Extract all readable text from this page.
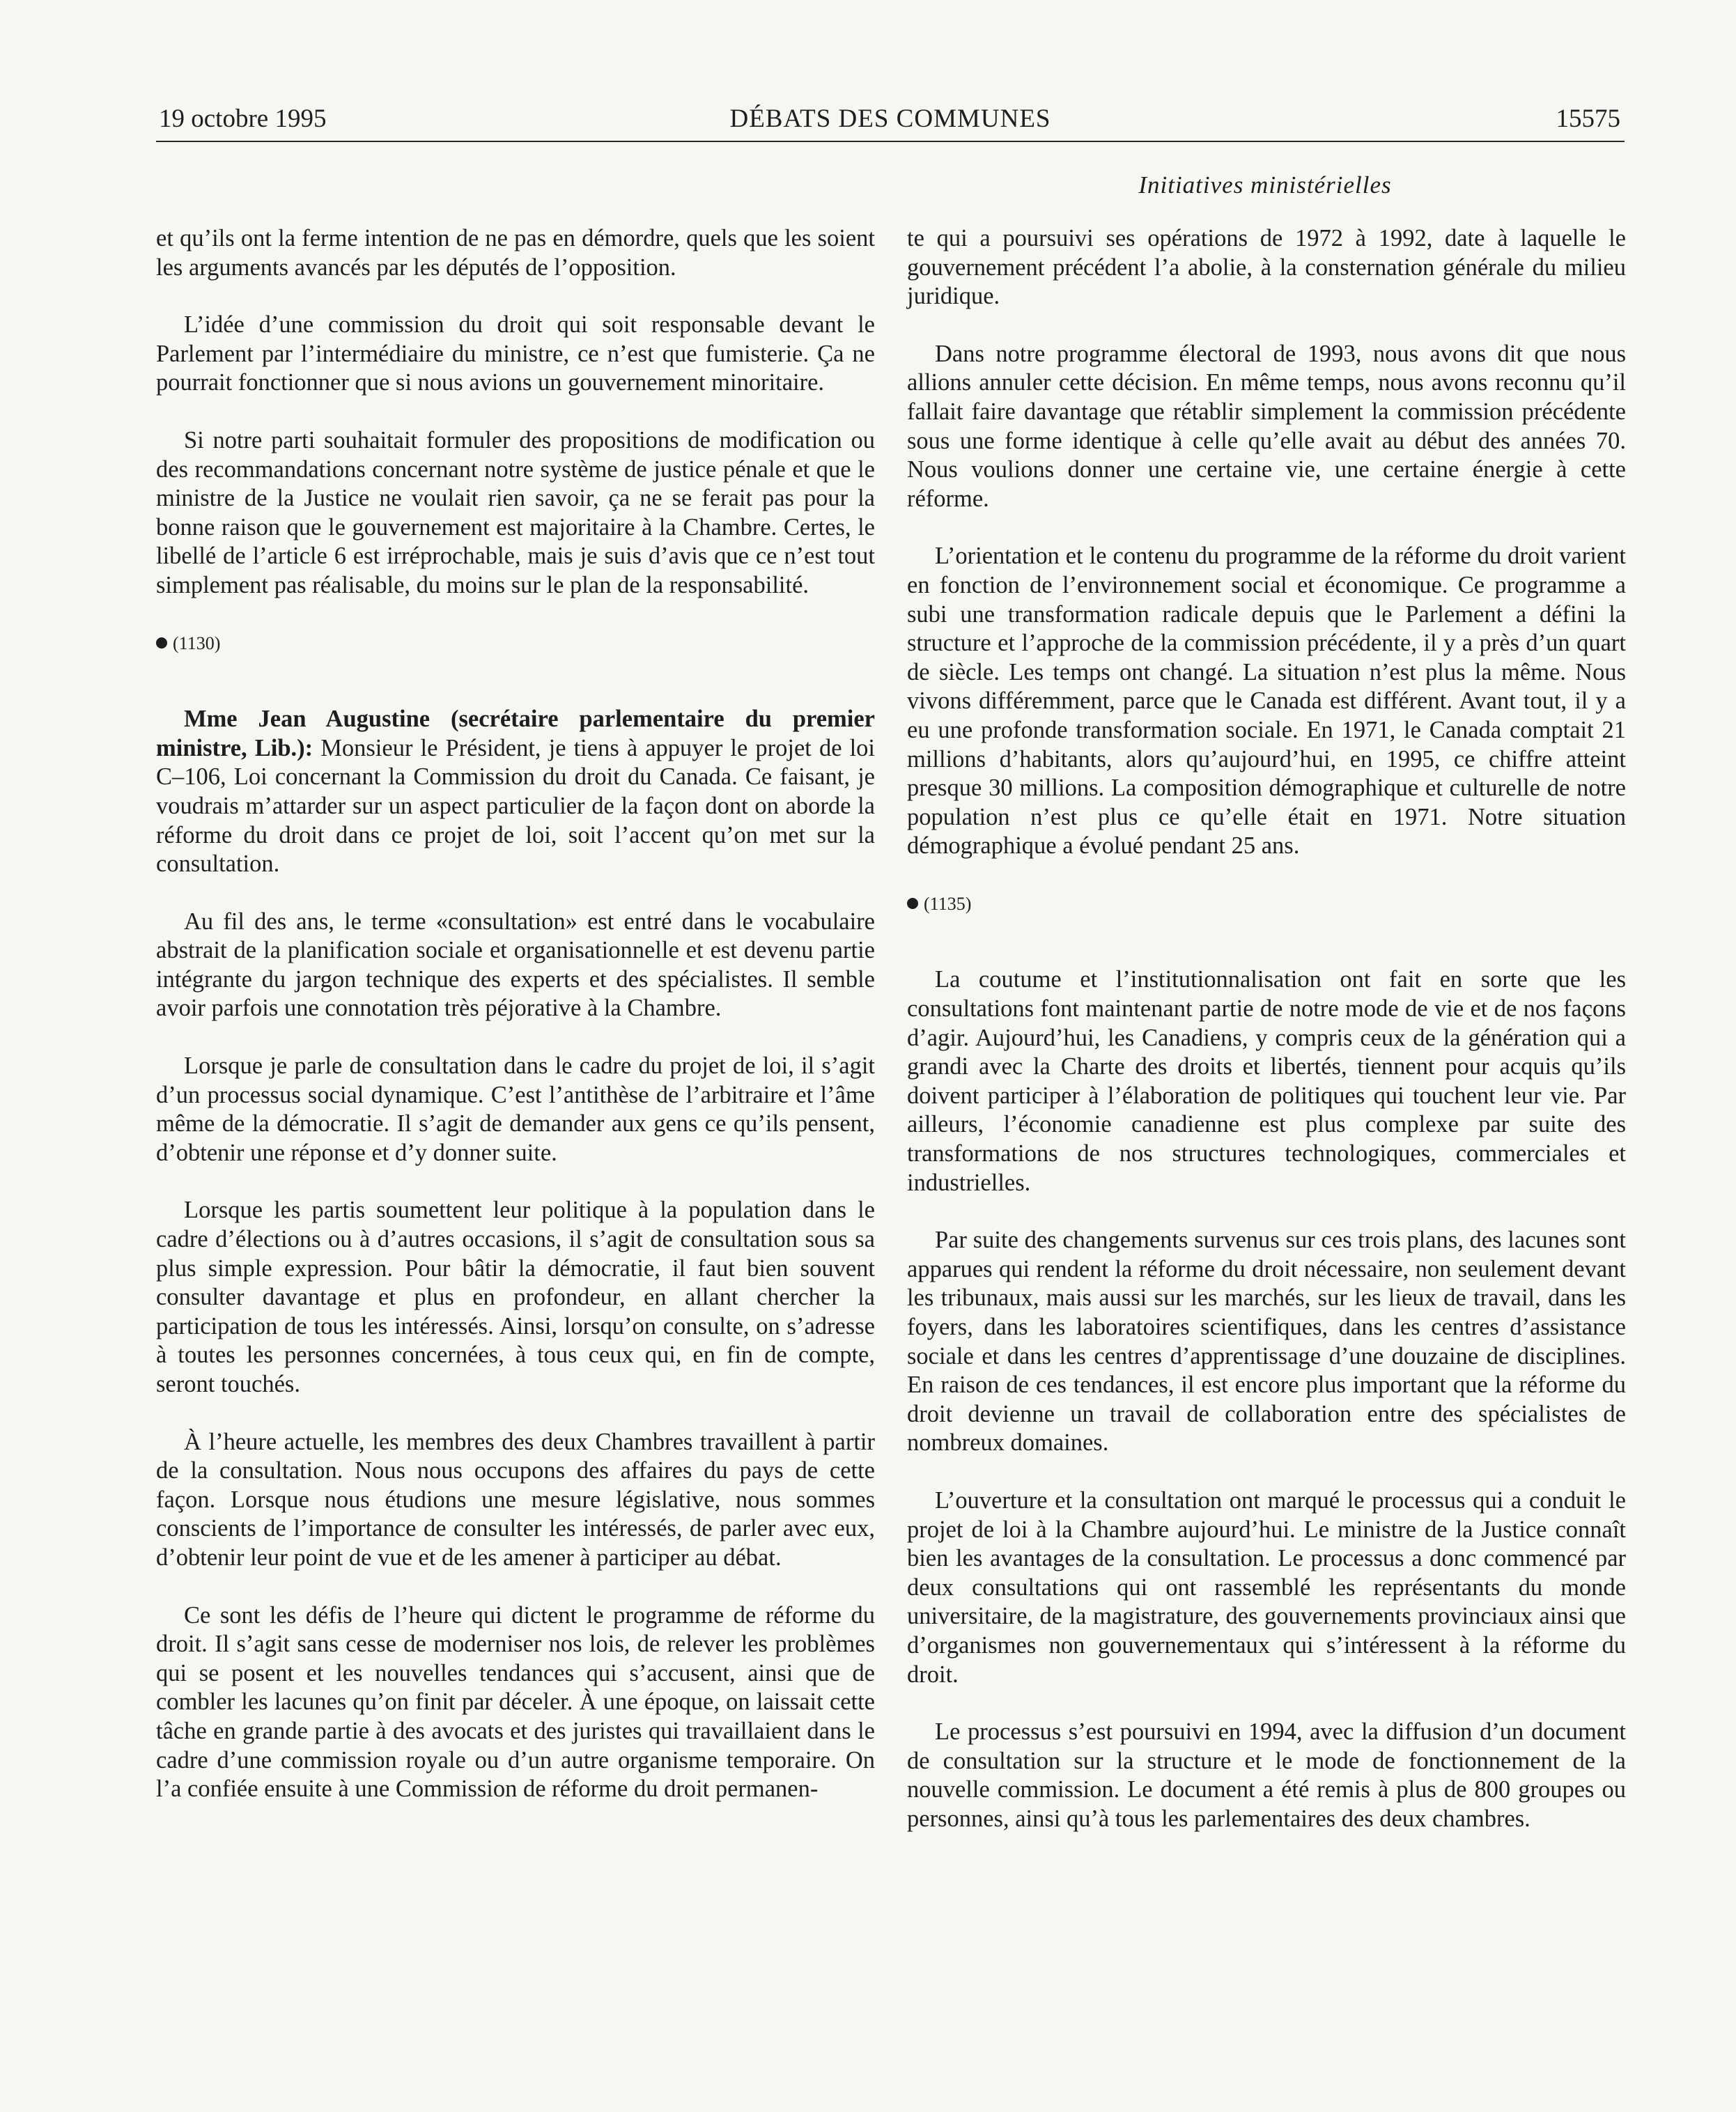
19 octobre 1995	DÉBATS DES COMMUNES	15575
Initiatives ministérielles

et qu’ils ont la ferme intention de ne pas en démordre, quels que les soient les arguments avancés par les députés de l’opposition.

L’idée d’une commission du droit qui soit responsable devant le Parlement par l’intermédiaire du ministre, ce n’est que fumisterie. Ça ne pourrait fonctionner que si nous avions un gouvernement minoritaire.

Si notre parti souhaitait formuler des propositions de modification ou des recommandations concernant notre système de justice pénale et que le ministre de la Justice ne voulait rien savoir, ça ne se ferait pas pour la bonne raison que le gouvernement est majoritaire à la Chambre. Certes, le libellé de l’article 6 est irréprochable, mais je suis d’avis que ce n’est tout simplement pas réalisable, du moins sur le plan de la responsabilité.

(1130)

Mme Jean Augustine (secrétaire parlementaire du premier ministre, Lib.): Monsieur le Président, je tiens à appuyer le projet de loi C–106, Loi concernant la Commission du droit du Canada. Ce faisant, je voudrais m’attarder sur un aspect particulier de la façon dont on aborde la réforme du droit dans ce projet de loi, soit l’accent qu’on met sur la consultation.

Au fil des ans, le terme «consultation» est entré dans le vocabulaire abstrait de la planification sociale et organisationnelle et est devenu partie intégrante du jargon technique des experts et des spécialistes. Il semble avoir parfois une connotation très péjorative à la Chambre.

Lorsque je parle de consultation dans le cadre du projet de loi, il s’agit d’un processus social dynamique. C’est l’antithèse de l’arbitraire et l’âme même de la démocratie. Il s’agit de demander aux gens ce qu’ils pensent, d’obtenir une réponse et d’y donner suite.

Lorsque les partis soumettent leur politique à la population dans le cadre d’élections ou à d’autres occasions, il s’agit de consultation sous sa plus simple expression. Pour bâtir la démocratie, il faut bien souvent consulter davantage et plus en profondeur, en allant chercher la participation de tous les intéressés. Ainsi, lorsqu’on consulte, on s’adresse à toutes les personnes concernées, à tous ceux qui, en fin de compte, seront touchés.

À l’heure actuelle, les membres des deux Chambres travaillent à partir de la consultation. Nous nous occupons des affaires du pays de cette façon. Lorsque nous étudions une mesure législative, nous sommes conscients de l’importance de consulter les intéressés, de parler avec eux, d’obtenir leur point de vue et de les amener à participer au débat.

Ce sont les défis de l’heure qui dictent le programme de réforme du droit. Il s’agit sans cesse de moderniser nos lois, de relever les problèmes qui se posent et les nouvelles tendances qui s’accusent, ainsi que de combler les lacunes qu’on finit par déceler. À une époque, on laissait cette tâche en grande partie à des avocats et des juristes qui travaillaient dans le cadre d’une commission royale ou d’un autre organisme temporaire. On l’a confiée ensuite à une Commission de réforme du droit permanen-

te qui a poursuivi ses opérations de 1972 à 1992, date à laquelle le gouvernement précédent l’a abolie, à la consternation générale du milieu juridique.

Dans notre programme électoral de 1993, nous avons dit que nous allions annuler cette décision. En même temps, nous avons reconnu qu’il fallait faire davantage que rétablir simplement la commission précédente sous une forme identique à celle qu’elle avait au début des années 70. Nous voulions donner une certaine vie, une certaine énergie à cette réforme.

L’orientation et le contenu du programme de la réforme du droit varient en fonction de l’environnement social et économique. Ce programme a subi une transformation radicale depuis que le Parlement a défini la structure et l’approche de la commission précédente, il y a près d’un quart de siècle. Les temps ont changé. La situation n’est plus la même. Nous vivons différemment, parce que le Canada est différent. Avant tout, il y a eu une profonde transformation sociale. En 1971, le Canada comptait 21 millions d’habitants, alors qu’aujourd’hui, en 1995, ce chiffre atteint presque 30 millions. La composition démographique et culturelle de notre population n’est plus ce qu’elle était en 1971. Notre situation démographique a évolué pendant 25 ans.

(1135)

La coutume et l’institutionnalisation ont fait en sorte que les consultations font maintenant partie de notre mode de vie et de nos façons d’agir. Aujourd’hui, les Canadiens, y compris ceux de la génération qui a grandi avec la Charte des droits et libertés, tiennent pour acquis qu’ils doivent participer à l’élaboration de politiques qui touchent leur vie. Par ailleurs, l’économie canadienne est plus complexe par suite des transformations de nos structures technologiques, commerciales et industrielles.

Par suite des changements survenus sur ces trois plans, des lacunes sont apparues qui rendent la réforme du droit nécessaire, non seulement devant les tribunaux, mais aussi sur les marchés, sur les lieux de travail, dans les foyers, dans les laboratoires scientifiques, dans les centres d’assistance sociale et dans les centres d’apprentissage d’une douzaine de disciplines. En raison de ces tendances, il est encore plus important que la réforme du droit devienne un travail de collaboration entre des spécialistes de nombreux domaines.

L’ouverture et la consultation ont marqué le processus qui a conduit le projet de loi à la Chambre aujourd’hui. Le ministre de la Justice connaît bien les avantages de la consultation. Le processus a donc commencé par deux consultations qui ont rassemblé les représentants du monde universitaire, de la magistrature, des gouvernements provinciaux ainsi que d’organismes non gouvernementaux qui s’intéressent à la réforme du droit.

Le processus s’est poursuivi en 1994, avec la diffusion d’un document de consultation sur la structure et le mode de fonctionnement de la nouvelle commission. Le document a été remis à plus de 800 groupes ou personnes, ainsi qu’à tous les parlementaires des deux chambres.
